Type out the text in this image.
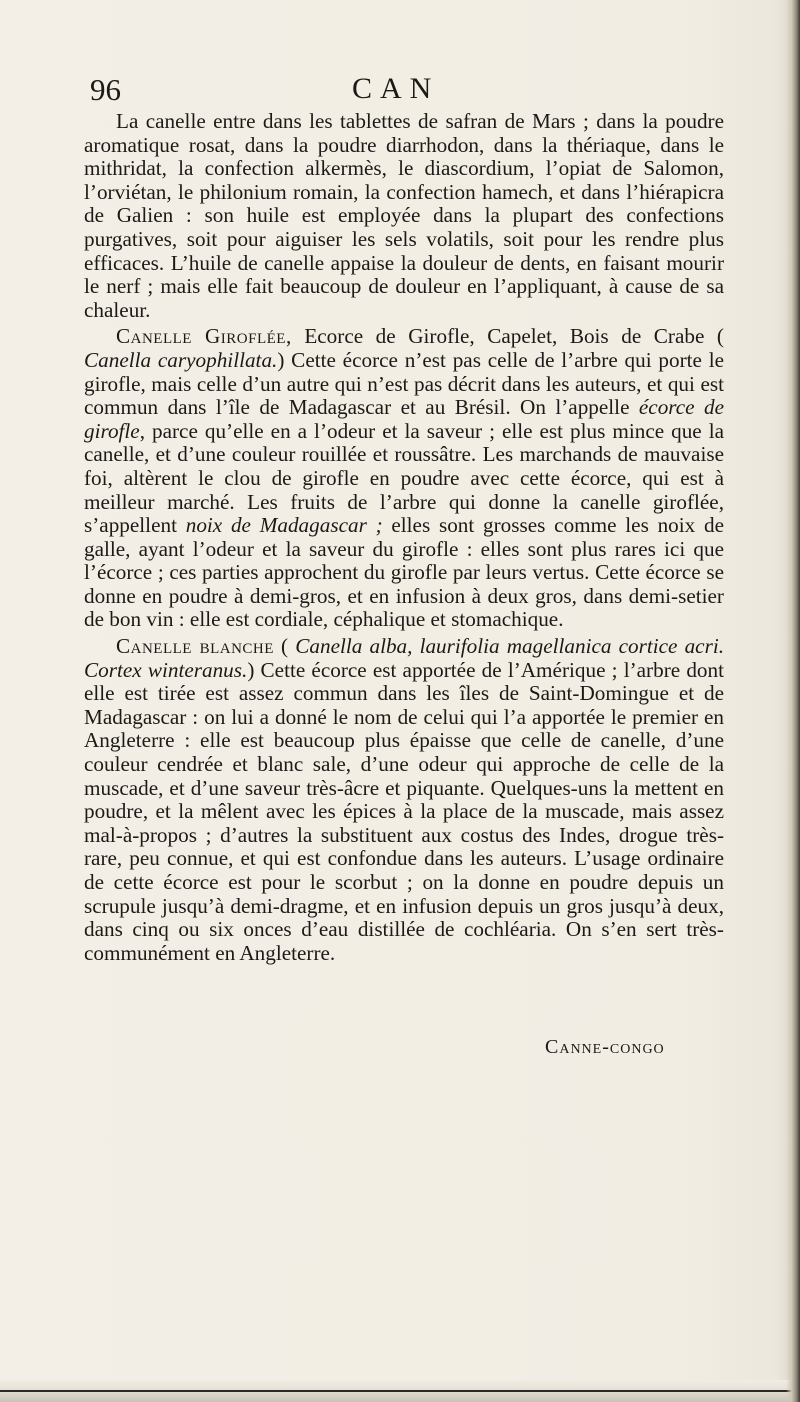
96	CAN

La canelle entre dans les tablettes de safran de Mars ; dans la poudre aromatique rosat, dans la poudre diarrhodon, dans la thériaque, dans le mithridat, la confection alkermès, le diascordium, l’opiat de Salomon, l’orviétan, le philonium romain, la confection hamech, et dans l’hiérapicra de Galien : son huile est employée dans la plupart des confections purgatives, soit pour aiguiser les sels volatils, soit pour les rendre plus efficaces. L’huile de canelle appaise la douleur de dents, en faisant mourir le nerf ; mais elle fait beaucoup de douleur en l’appliquant, à cause de sa chaleur.

Canelle Giroflée, Ecorce de Girofle, Capelet, Bois de Crabe ( Canella caryophillata.) Cette écorce n’est pas celle de l’arbre qui porte le girofle, mais celle d’un autre qui n’est pas décrit dans les auteurs, et qui est commun dans l’île de Madagascar et au Brésil. On l’appelle écorce de girofle, parce qu’elle en a l’odeur et la saveur ; elle est plus mince que la canelle, et d’une couleur rouillée et roussâtre. Les marchands de mauvaise foi, altèrent le clou de girofle en poudre avec cette écorce, qui est à meilleur marché. Les fruits de l’arbre qui donne la canelle giroflée, s’appellent noix de Madagascar ; elles sont grosses comme les noix de galle, ayant l’odeur et la saveur du girofle : elles sont plus rares ici que l’écorce ; ces parties approchent du girofle par leurs vertus. Cette écorce se donne en poudre à demi-gros, et en infusion à deux gros, dans demi-setier de bon vin : elle est cordiale, céphalique et stomachique.

Canelle blanche ( Canella alba, laurifolia magellanica cortice acri. Cortex winteranus.) Cette écorce est apportée de l’Amérique ; l’arbre dont elle est tirée est assez commun dans les îles de Saint-Domingue et de Madagascar : on lui a donné le nom de celui qui l’a apportée le premier en Angleterre : elle est beaucoup plus épaisse que celle de canelle, d’une couleur cendrée et blanc sale, d’une odeur qui approche de celle de la muscade, et d’une saveur très-âcre et piquante. Quelques-uns la mettent en poudre, et la mêlent avec les épices à la place de la muscade, mais assez mal-à-propos ; d’autres la substituent aux costus des Indes, drogue très-rare, peu connue, et qui est confondue dans les auteurs. L’usage ordinaire de cette écorce est pour le scorbut ; on la donne en poudre depuis un scrupule jusqu’à demi-dragme, et en infusion depuis un gros jusqu’à deux, dans cinq ou six onces d’eau distillée de cochléaria. On s’en sert très-communément en Angleterre.

Canne-congo
